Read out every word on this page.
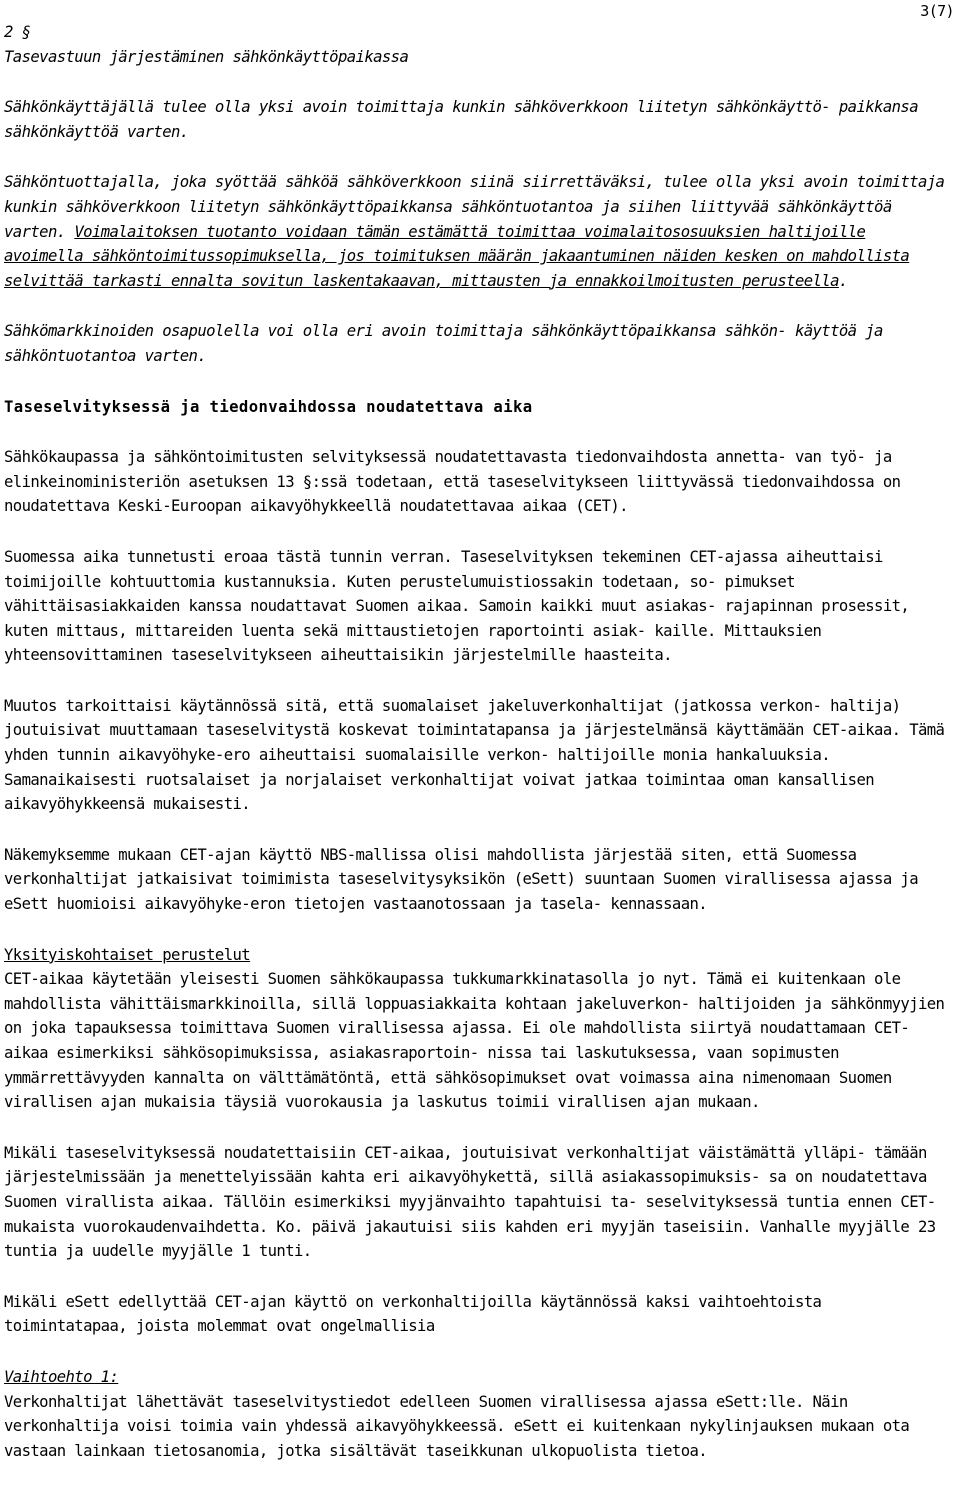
3(7)

2 §

Tasevastuun järjestäminen sähkönkäyttöpaikassa

Sähkönkäyttäjällä tulee olla yksi avoin toimittaja kunkin sähköverkkoon liitetyn sähkönkäyttö- paikkansa sähkönkäyttöä varten.

Sähköntuottajalla, joka syöttää sähköä sähköverkkoon siinä siirrettäväksi, tulee olla yksi avoin toimittaja kunkin sähköverkkoon liitetyn sähkönkäyttöpaikkansa sähköntuotantoa ja siihen liittyvää sähkönkäyttöä varten. Voimalaitoksen tuotanto voidaan tämän estämättä toimittaa voimalaitososuuksien haltijoille avoimella sähköntoimitussopimuksella, jos toimituksen määrän jakaantuminen näiden kesken on mahdollista selvittää tarkasti ennalta sovitun laskentakaavan, mittausten ja ennakkoilmoitusten perusteella.

Sähkömarkkinoiden osapuolella voi olla eri avoin toimittaja sähkönkäyttöpaikkansa sähkön- käyttöä ja sähköntuotantoa varten.

Taseselvityksessä ja tiedonvaihdossa noudatettava aika

Sähkökaupassa ja sähköntoimitusten selvityksessä noudatettavasta tiedonvaihdosta annetta- van työ- ja elinkeinoministeriön asetuksen 13 §:ssä todetaan, että taseselvitykseen liittyvässä tiedonvaihdossa on noudatettava Keski-Euroopan aikavyöhykkeellä noudatettavaa aikaa (CET).

Suomessa aika tunnetusti eroaa tästä tunnin verran. Taseselvityksen tekeminen CET-ajassa aiheuttaisi toimijoille kohtuuttomia kustannuksia. Kuten perustelumuistiossakin todetaan, so- pimukset vähittäisasiakkaiden kanssa noudattavat Suomen aikaa. Samoin kaikki muut asiakas- rajapinnan prosessit, kuten mittaus, mittareiden luenta sekä mittaustietojen raportointi asiak- kaille. Mittauksien yhteensovittaminen taseselvitykseen aiheuttaisikin järjestelmille haasteita.

Muutos tarkoittaisi käytännössä sitä, että suomalaiset jakeluverkonhaltijat (jatkossa verkon- haltija) joutuisivat muuttamaan taseselvitystä koskevat toimintatapansa ja järjestelmänsä käyttämään CET-aikaa. Tämä yhden tunnin aikavyöhyke-ero aiheuttaisi suomalaisille verkon- haltijoille monia hankaluuksia. Samanaikaisesti ruotsalaiset ja norjalaiset verkonhaltijat voivat jatkaa toimintaa oman kansallisen aikavyöhykkeensä mukaisesti.

Näkemyksemme mukaan CET-ajan käyttö NBS-mallissa olisi mahdollista järjestää siten, että Suomessa verkonhaltijat jatkaisivat toimimista taseselvitysyksikön (eSett) suuntaan Suomen virallisessa ajassa ja eSett huomioisi aikavyöhyke-eron tietojen vastaanotossaan ja tasela- kennassaan.

Yksityiskohtaiset perustelut

CET-aikaa käytetään yleisesti Suomen sähkökaupassa tukkumarkkinatasolla jo nyt. Tämä ei kuitenkaan ole mahdollista vähittäismarkkinoilla, sillä loppuasiakkaita kohtaan jakeluverkon- haltijoiden ja sähkönmyyjien on joka tapauksessa toimittava Suomen virallisessa ajassa. Ei ole mahdollista siirtyä noudattamaan CET-aikaa esimerkiksi sähkösopimuksissa, asiakasraportoin- nissa tai laskutuksessa, vaan sopimusten ymmärrettävyyden kannalta on välttämätöntä, että sähkösopimukset ovat voimassa aina nimenomaan Suomen virallisen ajan mukaisia täysiä vuorokausia ja laskutus toimii virallisen ajan mukaan.

Mikäli taseselvityksessä noudatettaisiin CET-aikaa, joutuisivat verkonhaltijat väistämättä ylläpi- tämään järjestelmissään ja menettelyissään kahta eri aikavyöhykettä, sillä asiakassopimuksis- sa on noudatettava Suomen virallista aikaa. Tällöin esimerkiksi myyjänvaihto tapahtuisi ta- seselvityksessä tuntia ennen CET-mukaista vuorokaudenvaihdetta. Ko. päivä jakautuisi siis kahden eri myyjän taseisiin. Vanhalle myyjälle 23 tuntia ja uudelle myyjälle 1 tunti.

Mikäli eSett edellyttää CET-ajan käyttö on verkonhaltijoilla käytännössä kaksi vaihtoehtoista toimintatapaa, joista molemmat ovat ongelmallisia

Vaihtoehto 1:

Verkonhaltijat lähettävät taseselvitystiedot edelleen Suomen virallisessa ajassa eSett:lle. Näin verkonhaltija voisi toimia vain yhdessä aikavyöhykkeessä. eSett ei kuitenkaan nykylinjauksen mukaan ota vastaan lainkaan tietosanomia, jotka sisältävät taseikkunan ulkopuolista tietoa.
